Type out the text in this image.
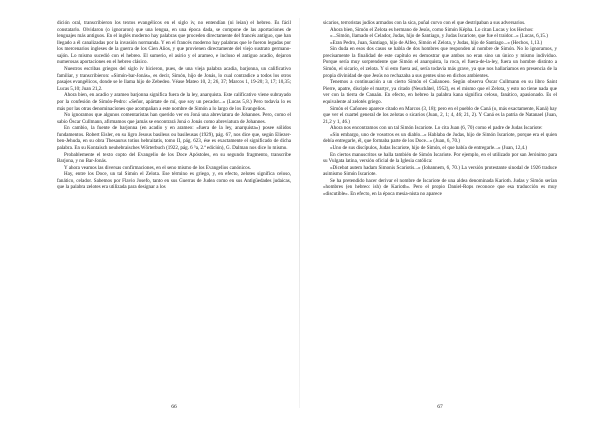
dición oral, transcribieron los textos evangélicos en el siglo iv, no entendían (ni leían) el hebreo. Es fácil constatarlo. Olvidaron (o ignoraron) que una lengua, en una época dada, se compone de las aportaciones de lenguajes más antiguos. En el inglés moderno hay palabras que proceden directamente del francés antiguo, que han llegado a él canalizadas por la invasión normanda. Y en el francés moderno hay palabras que le fueron legadas por los mercenarios ingleses de la guerra de los Cien Años, y que provienen directamente del viejo sustrato germano-sajón. Lo mismo sucedió con el hebreo. El sumerio, el asirio y el arameo, e incluso el antiguo acadio, dejaron numerosas aportaciones en el hebreo clásico.

Nuestros escribas griegos del siglo iv hicieron, pues, de una vieja palabra acadia, barjonna, un calificativo familiar, y transcribieron: «Simón-bar-Jonás», es decir, Simón, hijo de Jonás, lo cual contradice a todos los otros pasajes evangélicos, donde se le llama hijo de Zebedeo. Véase Mateo 10, 2; 26, 37; Marcos 1, 19-20; 3, 17; 10,35; Lucas 5,10; Juan 21,2.

Ahora bien, en acadio y arameo barjonna significa fuera de la ley, anarquista. Este calificativo viene subrayado por la confesión de Simón-Pedro: «Señor, apártate de mí, que soy un pecador...» (Lucas 5,8.) Pero todavía lo es más por las otras denominaciones que acompañan a este nombre de Simón a lo largo de los Evangelios.

No ignoramos que algunos comentaristas han querido ver en Joná una abreviatura de Johannes. Pero, como el sabio Óscar Cullmann, afirmamos que jamás se encontrará Joná o Jonás como abreviatura de Johannes.

En cambio, la fuente de barjonna (en acadio y en arameo: «fuera de la ley, anarquista») posee sólidos fundamentos. Robert Eisler, en su ligro Jesous basileus ou basileusas (1929), pág. 67, nos dice que, según Eliezer-ben-Jehuda, en su obra Thesaurus totius hebraitatis, tomo II, pág. 623, ése es exactamente el significado de dicha palabra. En su Kontaisch neuhebraisches Wörterbuch (1922, pág. 6 ⁵a, 2.ª edición), G. Dalman nos dice lo mismo.

Probablemente el texto copto del Evangelio de los Doce Apóstoles, en su segundo fragmento, transcribe Barjona, y no Bar-Jonás.

Y ahora veamos las diversas confirmaciones, en el seno mismo de los Evangelios canónicos.

Hay, entre los Doce, un tal Simón el Zelota. Ese término es griego, y, en efecto, zelotes significa celoso, fanático, celador. Sabemos por Flavio Josefo, tanto en sus Guerras de Judea como en sus Antigüedades judaicas, que la palabra zelotes era utilizada para designar a los

66

sicarios, terroristas judíos armados con la sica, puñal curvo con el que destripaban a sus adversarios.

Ahora bien, Simón el Zelota es hermano de Jesús, como Simón Képha. Lo citan Lucas y los Hechos:

«...Simón, llamado el Celador, Judas, hijo de Santiago, y Judas Iscariote, que fue el traidor...» (Lucas, 6,15.)

«Eran Pedro, Juan, Santiago, hijo de Alfeo, Simón el Zelota, y Judas, hijo de Santiago...» (Hechos, 1,13.)

Sin duda en esos dos casos se habla de dos hombres que responden al nombre de Simón. No lo ignoramos, y precisamente la finalidad de este capítulo es demostrar que ambos no eran sino un único y mismo individuo. Porque sería muy sorprendente que Simón el anarquista, la roca, el fuera-de-la-ley, fuera un hombre distinto a Simón, el sicario, el zelota. Y si esto fuera así, sería todavía más grave, ya que nos hallaríamos en presencia de la propia divinidad de que Jesús no rechazaba a sus gentes sino en dichos ambientes.

Tenemos a continuación a un cierto Simón el Cañanoeo. Según observa Óscar Cullmann en su libro Saint Pierre, apatre, disciple el martyr, ya citado (Neuchâtel, 1952), es el mismo que el Zelota, y esto no tiene nada que ver con la tierra de Canaán. En efecto, en hebreo la palabra kana significa celoso, fanático, apasionado. Es el equivalente al zelotés griego.

Simón el Cañoneo aparece citado en Marcos (3, 18); pero en el pueblo de Caná (o, más exactamente, Kaná) hay que ver el cuartel general de los zelotas o sicarios (Juan, 2, 1; 4, 46; 21, 2). Y Caná es la patria de Natanael (Juan, 21,2 y 1, 46.)

Ahora nos encontramos con un tal Simón Iscariote. Lo cita Juan (6, 70) como el padre de Judas Iscariote:

«Sin embargo, uno de vosotros es un diablo...» Hablaba de Judas, hijo de Simón Iscariote, porque era el quien debía entregarle, él, que formaba parte de los Doce...» (Juan, 6, 70.)

«Uno de sus discípulos, Judas Iscariote, hijo de Simón, el que había de entregarle...» (Juan, 12,4.)

En ciertos manuscritos se halla también de Simón Iscariote. Por ejemplo, en el utilizado por san Jerónimo para su Vulgata latina, versión oficial de la Iglesia católica:

«Dicebat autem hadam Simonis Scariotis...» (Iohannem, 6, 70.) La versión protestante sinodal de 1926 traduce asimismo Simón Iscariote.

Se ha pretendido hacer derivar el nombre de Iscariote de una aldea denominada Karioth. Judas y Simón serían «hombres (en hebreo: ish) de Karioth». Pero el propio Daniel-Rops reconoce que esa traducción es muy «discutible». En efecto, en la época mesia-nista no aparece

67
